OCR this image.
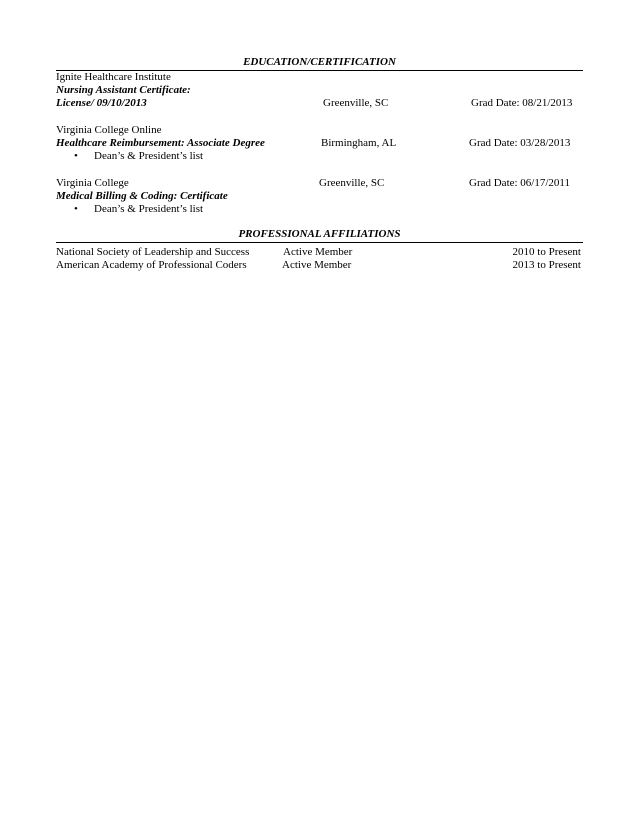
EDUCATION/CERTIFICATION
Ignite Healthcare Institute
Nursing Assistant Certificate:
License/ 09/10/2013	Greenville, SC	Grad Date: 08/21/2013
Virginia College Online
Healthcare Reimbursement: Associate Degree	Birmingham, AL	Grad Date: 03/28/2013
• Dean’s & President’s list
Virginia College	Greenville, SC	Grad Date: 06/17/2011
Medical Billing & Coding: Certificate
• Dean’s & President’s list
PROFESSIONAL AFFILIATIONS
National Society of Leadership and Success	Active Member	2010 to Present
American Academy of Professional Coders	Active Member	2013 to Present
